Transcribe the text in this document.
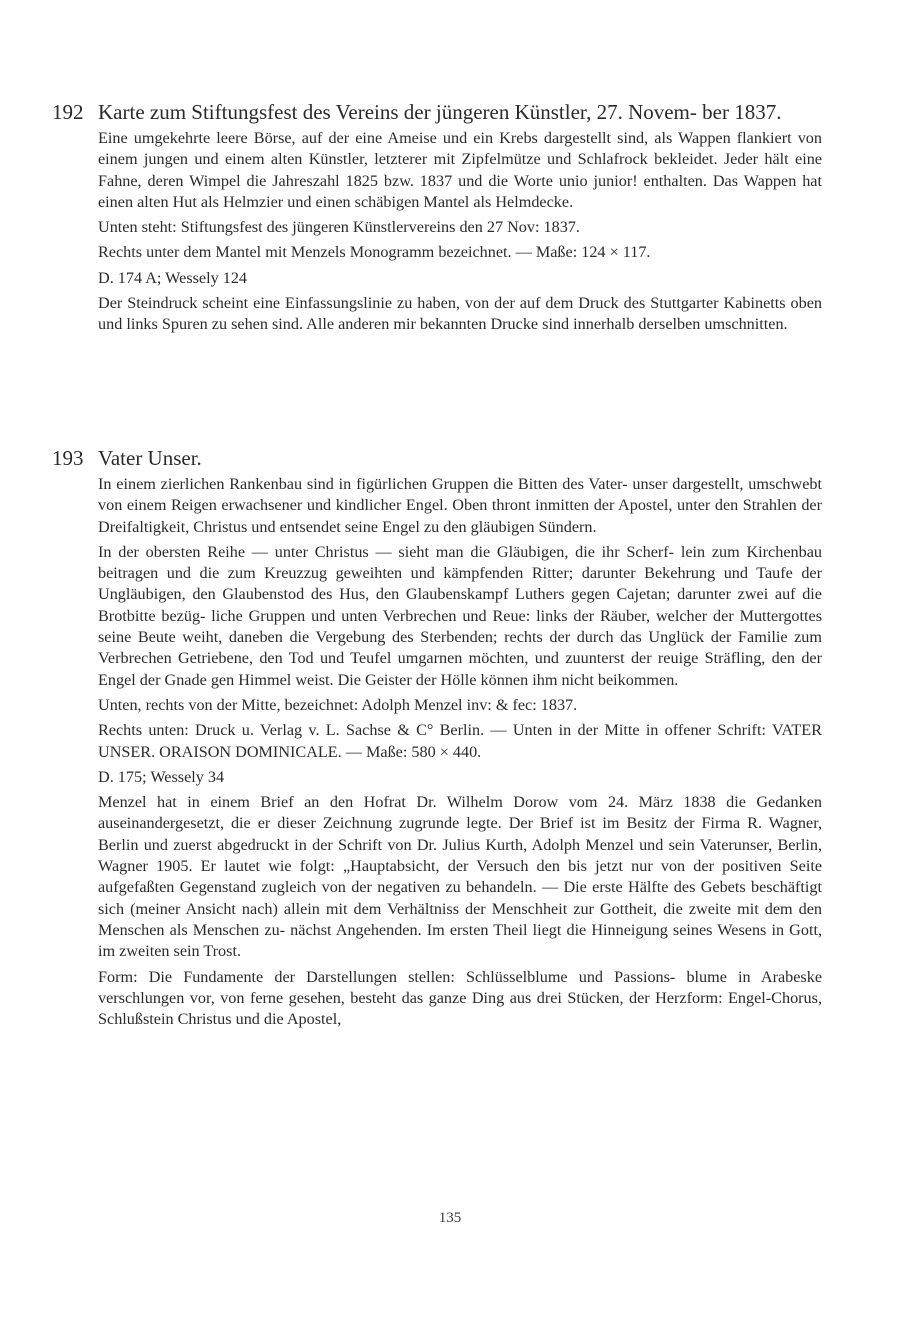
192 Karte zum Stiftungsfest des Vereins der jüngeren Künstler, 27. Novem- ber 1837.

Eine umgekehrte leere Börse, auf der eine Ameise und ein Krebs dargestellt sind, als Wappen flankiert von einem jungen und einem alten Künstler, letzterer mit Zipfelmütze und Schlafrock bekleidet. Jeder hält eine Fahne, deren Wimpel die Jahreszahl 1825 bzw. 1837 und die Worte unio junior! enthalten. Das Wappen hat einen alten Hut als Helmzier und einen schäbigen Mantel als Helmdecke.

Unten steht: Stiftungsfest des jüngeren Künstlervereins den 27 Nov: 1837.

Rechts unter dem Mantel mit Menzels Monogramm bezeichnet. — Maße: 124 × 117.

D. 174 A; Wessely 124

Der Steindruck scheint eine Einfassungslinie zu haben, von der auf dem Druck des Stuttgarter Kabinetts oben und links Spuren zu sehen sind. Alle anderen mir bekannten Drucke sind innerhalb derselben umschnitten.

193 Vater Unser.

In einem zierlichen Rankenbau sind in figürlichen Gruppen die Bitten des Vater- unser dargestellt, umschwebt von einem Reigen erwachsener und kindlicher Engel. Oben thront inmitten der Apostel, unter den Strahlen der Dreifaltigkeit, Christus und entsendet seine Engel zu den gläubigen Sündern.

In der obersten Reihe — unter Christus — sieht man die Gläubigen, die ihr Scherf- lein zum Kirchenbau beitragen und die zum Kreuzzug geweihten und kämpfenden Ritter; darunter Bekehrung und Taufe der Ungläubigen, den Glaubenstod des Hus, den Glaubenskampf Luthers gegen Cajetan; darunter zwei auf die Brotbitte bezüg- liche Gruppen und unten Verbrechen und Reue: links der Räuber, welcher der Muttergottes seine Beute weiht, daneben die Vergebung des Sterbenden; rechts der durch das Unglück der Familie zum Verbrechen Getriebene, den Tod und Teufel umgarnen möchten, und zuunterst der reuige Sträfling, den der Engel der Gnade gen Himmel weist. Die Geister der Hölle können ihm nicht beikommen.

Unten, rechts von der Mitte, bezeichnet: Adolph Menzel inv: & fec: 1837.

Rechts unten: Druck u. Verlag v. L. Sachse & C° Berlin. — Unten in der Mitte in offener Schrift: VATER UNSER. ORAISON DOMINICALE. — Maße: 580 × 440.

D. 175; Wessely 34

Menzel hat in einem Brief an den Hofrat Dr. Wilhelm Dorow vom 24. März 1838 die Gedanken auseinandergesetzt, die er dieser Zeichnung zugrunde legte. Der Brief ist im Besitz der Firma R. Wagner, Berlin und zuerst abgedruckt in der Schrift von Dr. Julius Kurth, Adolph Menzel und sein Vaterunser, Berlin, Wagner 1905. Er lautet wie folgt: „Hauptabsicht, der Versuch den bis jetzt nur von der positiven Seite aufgefaßten Gegenstand zugleich von der negativen zu behandeln. — Die erste Hälfte des Gebets beschäftigt sich (meiner Ansicht nach) allein mit dem Verhältniss der Menschheit zur Gottheit, die zweite mit dem den Menschen als Menschen zu- nächst Angehenden. Im ersten Theil liegt die Hinneigung seines Wesens in Gott, im zweiten sein Trost.

Form: Die Fundamente der Darstellungen stellen: Schlüsselblume und Passions- blume in Arabeske verschlungen vor, von ferne gesehen, besteht das ganze Ding aus drei Stücken, der Herzform: Engel-Chorus, Schlußstein Christus und die Apostel,

135
